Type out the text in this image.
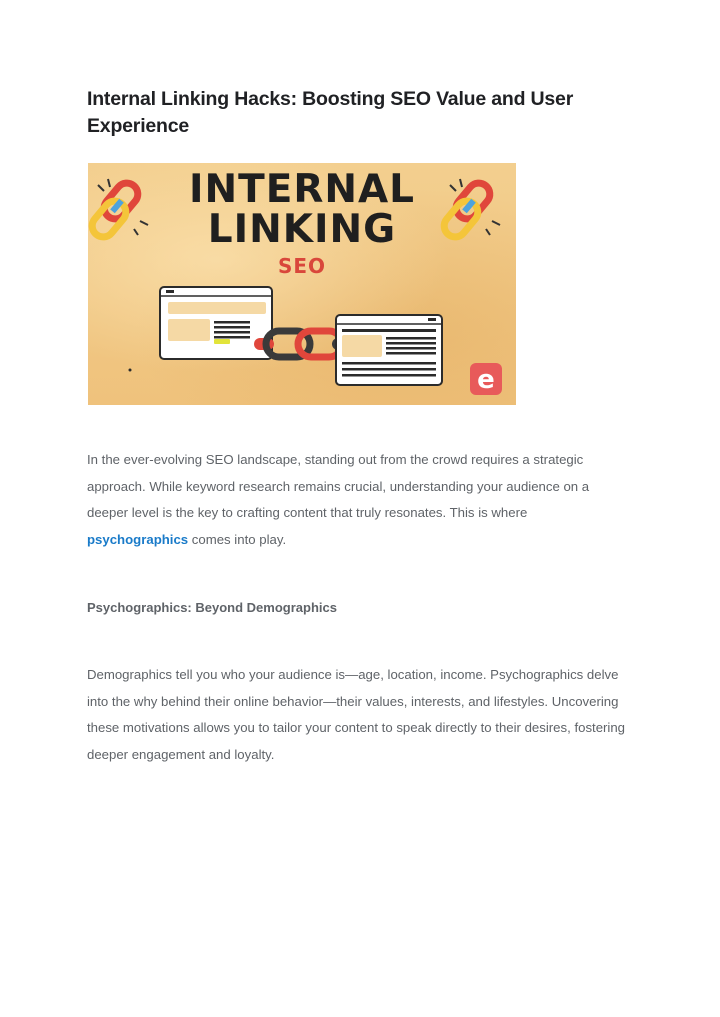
Internal Linking Hacks: Boosting SEO Value and User Experience
e

INTERNAL

LINKING

SEO

In the ever-evolving SEO landscape, standing out from the crowd requires a strategic approach. While keyword research remains crucial, understanding your audience on a deeper level is the key to crafting content that truly resonates. This is where psychographics comes into play.

Psychographics: Beyond Demographics

Demographics tell you who your audience is—age, location, income. Psychographics delve into the why behind their online behavior—their values, interests, and lifestyles. Uncovering these motivations allows you to tailor your content to speak directly to their desires, fostering deeper engagement and loyalty.
